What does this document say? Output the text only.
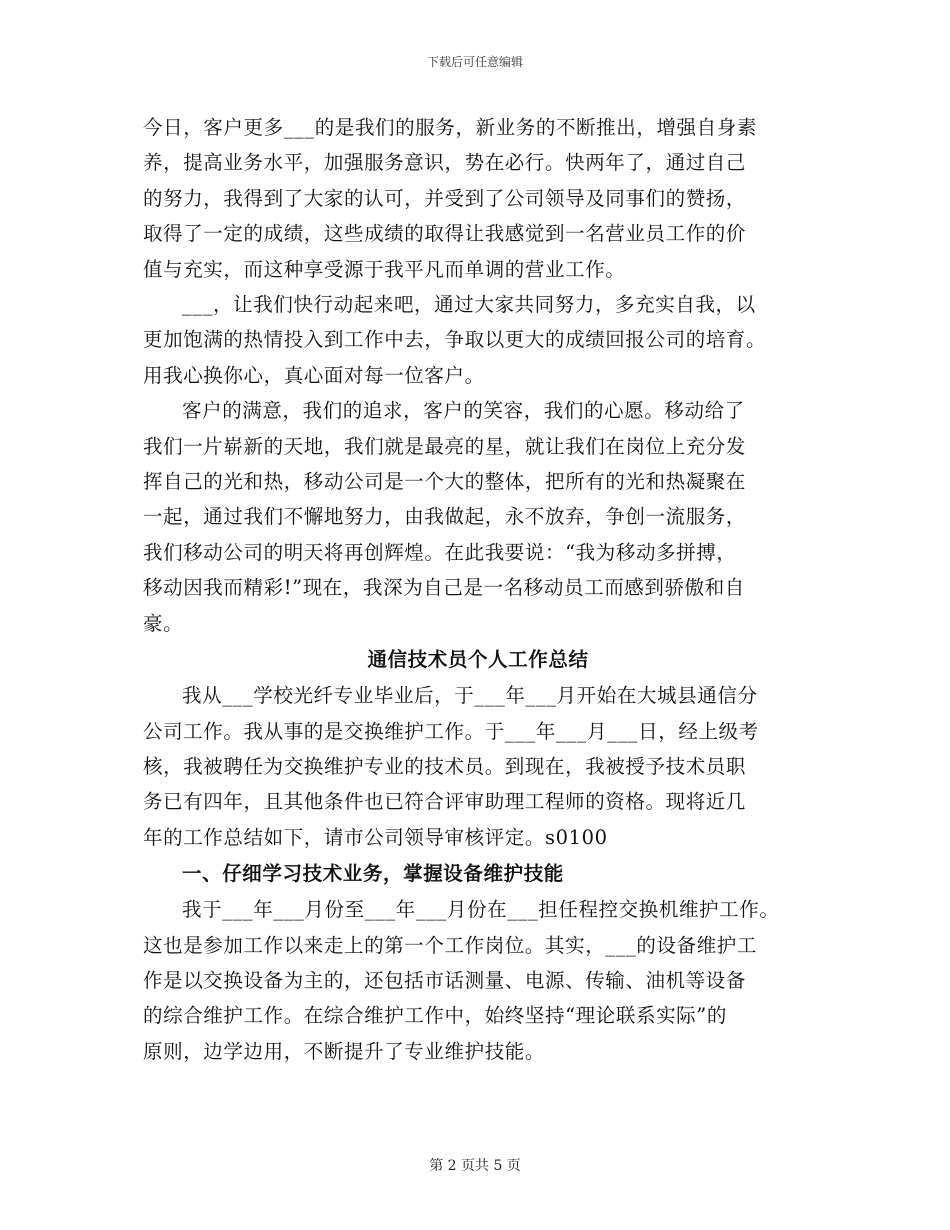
下载后可任意编辑

今日，客户更多___的是我们的服务，新业务的不断推出，增强自身素
养，提高业务水平，加强服务意识，势在必行。快两年了，通过自己
的努力，我得到了大家的认可，并受到了公司领导及同事们的赞扬，
取得了一定的成绩，这些成绩的取得让我感觉到一名营业员工作的价
值与充实，而这种享受源于我平凡而单调的营业工作。

___，让我们快行动起来吧，通过大家共同努力，多充实自我，以
更加饱满的热情投入到工作中去，争取以更大的成绩回报公司的培育。
用我心换你心，真心面对每一位客户。

客户的满意，我们的追求，客户的笑容，我们的心愿。移动给了
我们一片崭新的天地，我们就是最亮的星，就让我们在岗位上充分发
挥自己的光和热，移动公司是一个大的整体，把所有的光和热凝聚在
一起，通过我们不懈地努力，由我做起，永不放弃，争创一流服务，
我们移动公司的明天将再创辉煌。在此我要说：“我为移动多拼搏，
移动因我而精彩!”现在，我深为自己是一名移动员工而感到骄傲和自
豪。

通信技术员个人工作总结

我从___学校光纤专业毕业后，于___年___月开始在大城县通信分
公司工作。我从事的是交换维护工作。于___年___月___日，经上级考
核，我被聘任为交换维护专业的技术员。到现在，我被授予技术员职
务已有四年，且其他条件也已符合评审助理工程师的资格。现将近几
年的工作总结如下，请市公司领导审核评定。s0100

一、仔细学习技术业务，掌握设备维护技能

我于___年___月份至___年___月份在___担任程控交换机维护工作。
这也是参加工作以来走上的第一个工作岗位。其实，___的设备维护工
作是以交换设备为主的，还包括市话测量、电源、传输、油机等设备
的综合维护工作。在综合维护工作中，始终坚持“理论联系实际”的
原则，边学边用，不断提升了专业维护技能。

第 2 页共 5 页
